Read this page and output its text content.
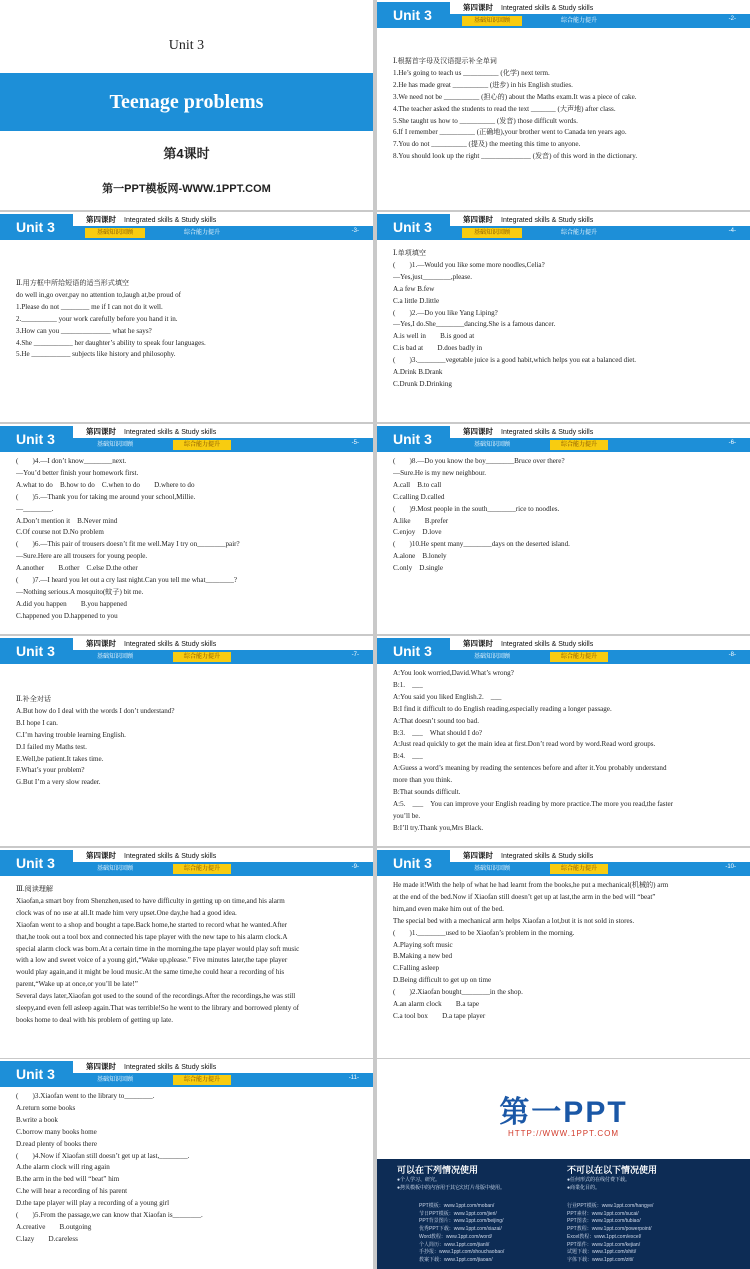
Unit 3
Teenage problems
第4课时
第一PPT模板网-WWW.1PPT.COM
Unit 3	第四课时 Integrated skills & Study skills
基础知识回顾	综合能力提升	-2-
Ⅰ.根据首字母及汉语提示补全单词
1.He’s going to teach us __________ (化学) next term.
2.He has made great __________ (进步) in his English studies.
3.We need not be __________ (担心的) about the Maths exam.It was a piece of cake.
4.The teacher asked the students to read the text _______ (大声地) after class.
5.She taught us how to __________ (发音) those difficult words.
6.If I remember __________ (正确地),your brother went to Canada ten years ago.
7.You do not __________ (提及) the meeting this time to anyone.
8.You should look up the right ______________ (发音) of this word in the dictionary.
Unit 3	第四课时 Integrated skills & Study skills
基础知识回顾	综合能力提升	-3-
Ⅱ.用方框中所给短语的适当形式填空
do well in,go over,pay no attention to,laugh at,be proud of
1.Please do not ________ me if I can not do it well.
2.__________ your work carefully before you hand it in.
3.How can you ______________ what he says?
4.She ___________ her daughter’s ability to speak four languages.
5.He ___________ subjects like history and philosophy.
Unit 3	第四课时 Integrated skills & Study skills
基础知识回顾	综合能力提升	-4-
Ⅰ.单项填空
(　　)1.—Would you like some more noodles,Celia?
—Yes,just________,please.
A.a few B.few
C.a little D.little
(　　)2.—Do you like Yang Liping?
—Yes,I do.She________dancing.She is a famous dancer.
A.is well in　　B.is good at
C.is bad at　　D.does badly in
(　　)3.________vegetable juice is a good habit,which helps you eat a balanced diet.
A.Drink B.Drank
C.Drunk D.Drinking
Unit 3	第四课时 Integrated skills & Study skills
基础知识回顾	综合能力提升	-5-
(　　)4.—I don’t know________next.
—You’d better finish your homework first.
A.what to do　B.how to do　C.when to do　　D.where to do
(　　)5.—Thank you for taking me around your school,Millie.
—________.
A.Don’t mention it　B.Never mind
C.Of course not D.No problem
(　　)6.—This pair of trousers doesn’t fit me well.May I try on________pair?
—Sure.Here are all trousers for young people.
A.another　　B.other　C.else D.the other
(　　)7.—I heard you let out a cry last night.Can you tell me what________?
—Nothing serious.A mosquito(蚊子) bit me.
A.did you happen　　B.you happened
C.happened you D.happened to you
Unit 3	第四课时 Integrated skills & Study skills
基础知识回顾	综合能力提升	-6-
(　　)8.—Do you know the boy________Bruce over there?
—Sure.He is my new neighbour.
A.call　B.to call
C.calling D.called
(　　)9.Most people in the south________rice to noodles.
A.like　　B.prefer
C.enjoy　D.love
(　　)10.He spent many________days on the deserted island.
A.alone　B.lonely
C.only　D.single
Unit 3	第四课时 Integrated skills & Study skills
基础知识回顾	综合能力提升	-7-
Ⅱ.补全对话
A.But how do I deal with the words I don’t understand?
B.I hope I can.
C.I’m having trouble learning English.
D.I failed my Maths test.
E.Well,be patient.It takes time.
F.What’s your problem?
G.But I’m a very slow reader.
Unit 3	第四课时 Integrated skills & Study skills
基础知识回顾	综合能力提升	-8-
A:You look worried,David.What’s wrong?
B:1.　___
A:You said you liked English.2.　___
B:I find it difficult to do English reading,especially reading a longer passage.
A:That doesn’t sound too bad.
B:3.　___　What should I do?
A:Just read quickly to get the main idea at first.Don’t read word by word.Read word groups.
B:4.　___
A:Guess a word’s meaning by reading the sentences before and after it.You probably understand
more than you think.
B:That sounds difficult.
A:5.　___　You can improve your English reading by more practice.The more you read,the faster
you’ll be.
B:I’ll try.Thank you,Mrs Black.
Unit 3	第四课时 Integrated skills & Study skills
基础知识回顾	综合能力提升	-9-
Ⅲ.阅读理解
Xiaofan,a smart boy from Shenzhen,used to have difficulty in getting up on time,and his alarm
clock was of no use at all.It made him very upset.One day,he had a good idea.
Xiaofan went to a shop and bought a tape.Back home,he started to record what he wanted.After
that,he took out a tool box and connected his tape player with the new tape to his alarm clock.A
special alarm clock was born.At a certain time in the morning,the tape player would play soft music
with a low and sweet voice of a young girl,“Wake up,please.” Five minutes later,the tape player
would play again,and it might be loud music.At the same time,he could hear a recording of his
parent,“Wake up at once,or you’ll be late!”
Several days later,Xiaofan got used to the sound of the recordings.After the recordings,he was still
sleepy,and even fell asleep again.That was terrible!So he went to the library and borrowed plenty of
books home to deal with his problem of getting up late.
Unit 3	第四课时 Integrated skills & Study skills
基础知识回顾	综合能力提升	-10-
He made it!With the help of what he had learnt from the books,he put a mechanical(机械的) arm
at the end of the bed.Now if Xiaofan still doesn’t get up at last,the arm in the bed will “beat”
him,and even make him out of the bed.
The special bed with a mechanical arm helps Xiaofan a lot,but it is not sold in stores.
(　　)1.________used to be Xiaofan’s problem in the morning.
A.Playing soft music
B.Making a new bed
C.Falling asleep
D.Being difficult to get up on time
(　　)2.Xiaofan bought________in the shop.
A.an alarm clock　　B.a tape
C.a tool box　　D.a tape player
Unit 3	第四课时 Integrated skills & Study skills
基础知识回顾	综合能力提升	-11-
(　　)3.Xiaofan went to the library to________.
A.return some books
B.write a book
C.borrow many books home
D.read plenty of books there
(　　)4.Now if Xiaofan still doesn’t get up at last,________.
A.the alarm clock will ring again
B.the arm in the bed will “beat” him
C.he will hear a recording of his parent
D.the tape player will play a recording of a young girl
(　　)5.From the passage,we can know that Xiaofan is________.
A.creative　　B.outgoing
C.lazy　　D.careless
第一PPT
HTTP://WWW.1PPT.COM
可以在下列情况使用

●个人学习、研究。

●拷贝模板中的内容用于其它幻灯片母版中使用。

不可以在以下情况使用

●任何形式的在线付费下载。

●商業化目的。

PPT模板：www.1ppt.com/moban/
节日PPT模板：www.1ppt.com/jieri/
PPT背景图片：www.1ppt.com/beijing/
优秀PPT下载：www.1ppt.com/xiazai/
Word教程：www.1ppt.com/word/
个人简历：www.1ppt.com/jianli/
手抄报：www.1ppt.com/shouchaobao/
教案下载：www.1ppt.com/jiaoan/
行业PPT模板：www.1ppt.com/hangye/
PPT素材：www.1ppt.com/sucai/
PPT图表：www.1ppt.com/tubiao/
PPT教程：www.1ppt.com/powerpoint/
Excel教程：www.1ppt.com/excel/
PPT课件：www.1ppt.com/kejian/
试题下载：www.1ppt.com/shiti/
字体下载：www.1ppt.com/ziti/
